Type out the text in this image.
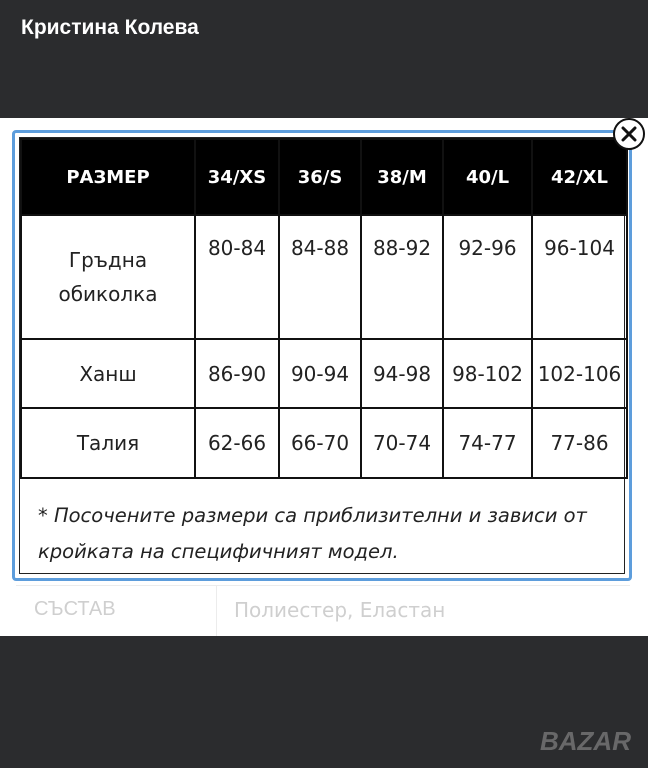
Кристина Колева
СЪСТАВ	Полиестер, Еластан
РАЗМЕР	34/XS	36/S	38/M	40/L	42/XL
Гръдна
обиколка	80-84	84-88	88-92	92-96	96-104
Ханш	86-90	90-94	94-98	98-102	102-106
Талия	62-66	66-70	70-74	74-77	77-86
* Посочените размери са приблизителни и зависи от кройката на специфичният модел.
BAZAR
